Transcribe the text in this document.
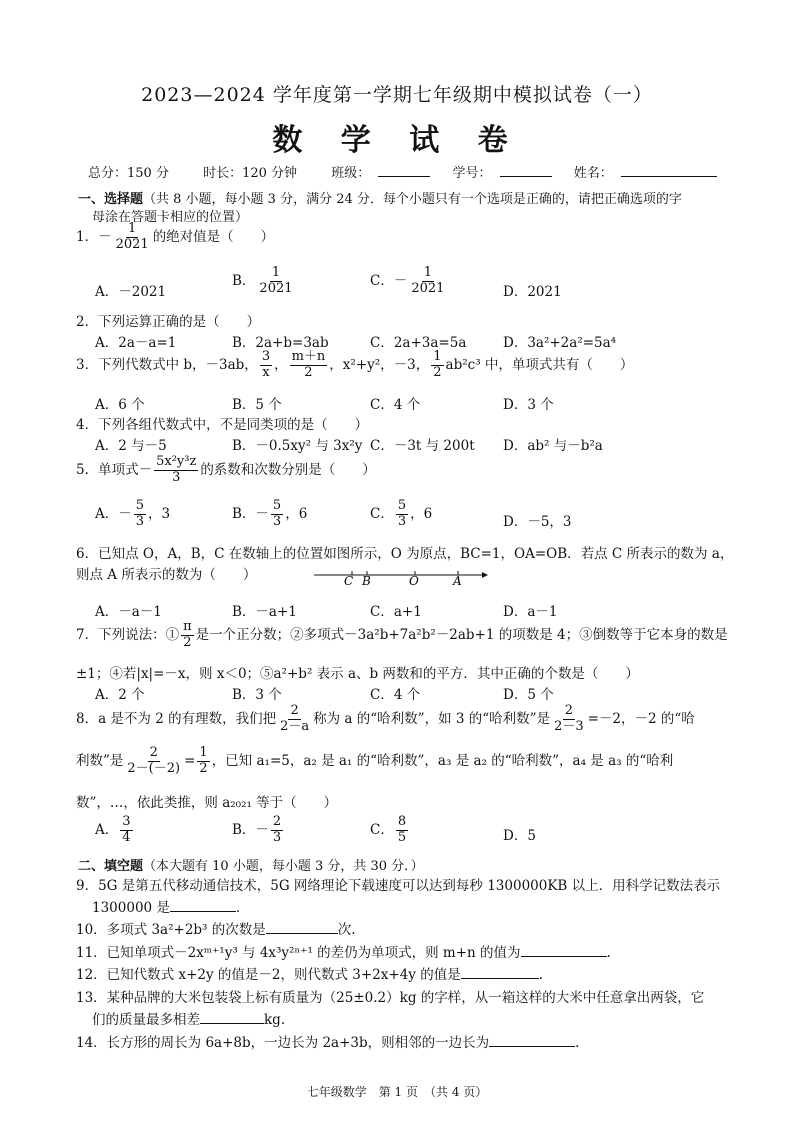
2023—2024 学年度第一学期七年级期中模拟试卷（一）
数 学 试 卷
总分：150 分	时长：120 分钟	班级：	学号：	姓名：
一、选择题（共 8 小题，每小题 3 分，满分 24 分．每个小题只有一个选项是正确的，请把正确选项的字
母涂在答题卡相应的位置）
1．－ $\frac{1}{2021}$ 的绝对值是（　　）
A．－2021
B． $\frac{1}{2021}$	C．－ $\frac{1}{2021}$	D．2021
2．下列运算正确的是（　　）
A．2a－a=1	B．2a+b=3ab	C．2a+3a=5a	D．3a²+2a²=5a⁴
3．下列代数式中 b，－3ab， $\frac{3}{x}$ ， $\frac{m+n}{2}$ ，x²+y²，－3， $\frac{1}{2} ab^2c^3$ 中，单项式共有（　　）
A．6 个	B．5 个	C．4 个	D．3 个
4．下列各组代数式中，不是同类项的是（　　）
A．2 与－5	B．－0.5xy² 与 3x²y C．－3t 与 200t D．ab² 与－b²a
5．单项式－ $\frac{\text{5x²y³z}}{3}$ 的系数和次数分别是（　　）
A．－ $\frac{5}{3}$ ，3	B．－ $\frac{5}{3}$ ，6	C． $\frac{5}{3}$ ，6
D．－5，3
6．已知点 O，A，B，C 在数轴上的位置如图所示，O 为原点，BC=1，OA=OB．若点 C 所表示的数为 a，
则点 A 所表示的数为（　　）	C B	O	A
A．－a－1	B．－a+1	C．a+1	D．a－1
7．下列说法：① $\frac{\pi}{2}$ 是一个正分数；②多项式－3a²b+7a²b²－2ab+1 的项数是 4；③倒数等于它本身的数是
±1；④若|x|=－x，则 x＜0；⑤a²+b² 表示 a、b 两数和的平方．其中正确的个数是（　　）
A．2 个	B．3 个	C．4 个	D．5 个
8．a 是不为 2 的有理数，我们把 $\frac{2}{2-a}$ 称为 a 的“哈利数”，如 3 的“哈利数”是 $\frac{2}{2-3} =-2$，－2 的“哈
利数”是 $\frac{2}{2-(-2)} = \frac{1}{2}$ ，已知 a₁=5，a₂ 是 a₁ 的“哈利数”，a₃ 是 a₂ 的“哈利数”，a₄ 是 a₃ 的“哈利
数”，…，依此类推，则 a₂₀₂₁ 等于（　　）
A． $\frac{3}{4}$	B．－ $\frac{2}{3}$	C． $\frac{8}{5}$	D．5
二、填空题（本大题有 10 小题，每小题 3 分，共 30 分．）
9．5G 是第五代移动通信技术，5G 网络理论下载速度可以达到每秒 1300000KB 以上．用科学记数法表示
1300000 是	.
10．多项式 3a²+2b³ 的次数是	次.
11．已知单项式－2xᵐ⁺¹y³ 与 4x³y²ⁿ⁺¹ 的差仍为单项式，则 m+n 的值为	.
12．已知代数式 x+2y 的值是－2，则代数式 3+2x+4y 的值是	.
13．某种品牌的大米包装袋上标有质量为（25±0.2）kg 的字样，从一箱这样的大米中任意拿出两袋，它
们的质量最多相差	kg.
14．长方形的周长为 6a+8b，一边长为 2a+3b，则相邻的一边长为	.
七年级数学　第 1 页　（共 4 页）
